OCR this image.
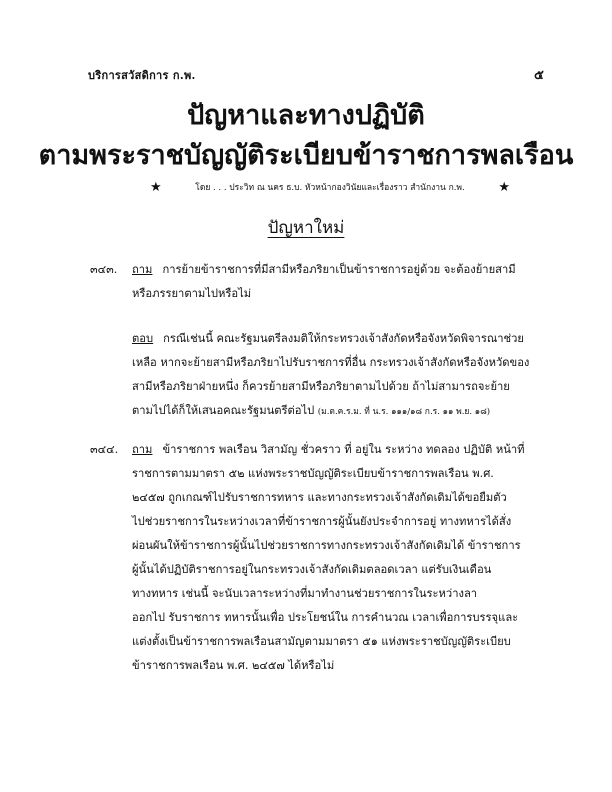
บริการสวัสดิการ ก.พ.	๕
ปัญหาและทางปฏิบัติ
ตามพระราชบัญญัติระเบียบข้าราชการพลเรือน
★	โดย . . . ประวิท ณ นคร ธ.บ. หัวหน้ากองวินัยและเรื่องราว สำนักงาน ก.พ.	★
ปัญหาใหม่
๓๔๓. ถาม การย้ายข้าราชการที่มีสามีหรือภริยาเป็นข้าราชการอยู่ด้วย จะต้องย้ายสามี
หรือภรรยาตามไปหรือไม่
ตอบ กรณีเช่นนี้ คณะรัฐมนตรีลงมติให้กระทรวงเจ้าสังกัดหรือจังหวัดพิจารณาช่วย
เหลือ หากจะย้ายสามีหรือภริยาไปรับราชการที่อื่น กระทรวงเจ้าสังกัดหรือจังหวัดของ
สามีหรือภริยาฝ่ายหนึ่ง ก็ควรย้ายสามีหรือภริยาตามไปด้วย ถ้าไม่สามารถจะย้าย
ตามไปได้ก็ให้เสนอคณะรัฐมนตรีต่อไป (ม.ต.ค.ร.ม. ที่ น.ร. ๑๑๑/๑๘ ก.ร. ๑๑ พ.ย. ๑๘)
๓๔๔. ถาม ข้าราชการ พลเรือน วิสามัญ ชั่วคราว ที่ อยู่ใน ระหว่าง ทดลอง ปฏิบัติ หน้าที่
ราชการตามมาตรา ๕๒ แห่งพระราชบัญญัติระเบียบข้าราชการพลเรือน พ.ศ.
๒๔๕๗ ถูกเกณฑ์ไปรับราชการทหาร และทางกระทรวงเจ้าสังกัดเดิมได้ขอยืมตัว
ไปช่วยราชการในระหว่างเวลาที่ข้าราชการผู้นั้นยังประจำการอยู่ ทางทหารได้สั่ง
ผ่อนผันให้ข้าราชการผู้นั้นไปช่วยราชการทางกระทรวงเจ้าสังกัดเดิมได้ ข้าราชการ
ผู้นั้นได้ปฏิบัติราชการอยู่ในกระทรวงเจ้าสังกัดเดิมตลอดเวลา แต่รับเงินเดือน
ทางทหาร เช่นนี้ จะนับเวลาระหว่างที่มาทำงานช่วยราชการในระหว่างลา
ออกไป รับราชการ ทหารนั้นเพื่อ ประโยชน์ใน การคำนวณ เวลาเพื่อการบรรจุและ
แต่งตั้งเป็นข้าราชการพลเรือนสามัญตามมาตรา ๕๑ แห่งพระราชบัญญัติระเบียบ
ข้าราชการพลเรือน พ.ศ. ๒๔๕๗ ได้หรือไม่
